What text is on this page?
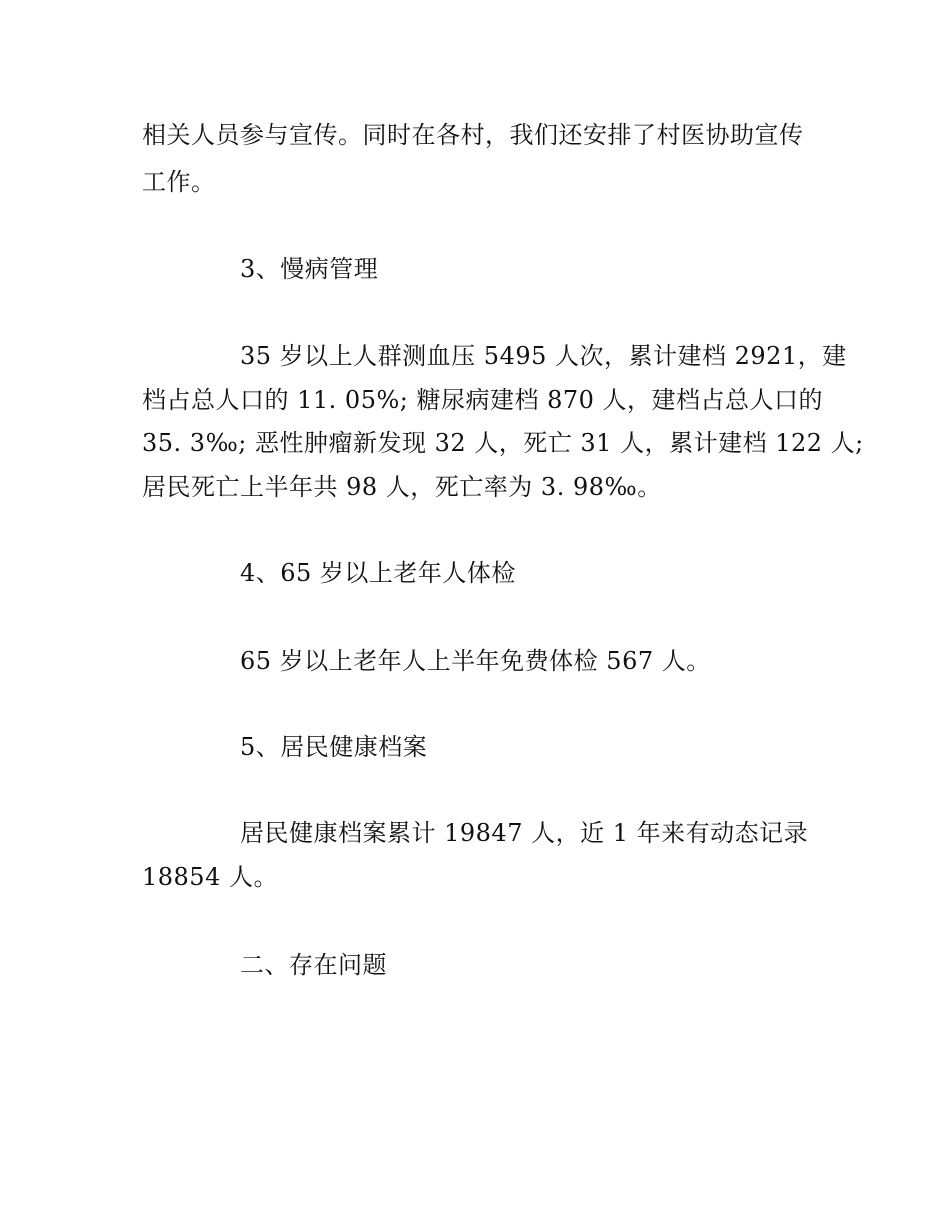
相关人员参与宣传。同时在各村，我们还安排了村医协助宣传
工作。
3、慢病管理
35 岁以上人群测血压 5495 人次，累计建档 2921，建
档占总人口的 11. 05%; 糖尿病建档 870 人，建档占总人口的
35. 3‰; 恶性肿瘤新发现 32 人，死亡 31 人，累计建档 122 人;
居民死亡上半年共 98 人，死亡率为 3. 98‰。
4、65 岁以上老年人体检
65 岁以上老年人上半年免费体检 567 人。
5、居民健康档案
居民健康档案累计 19847 人，近 1 年来有动态记录
18854 人。
二、存在问题
